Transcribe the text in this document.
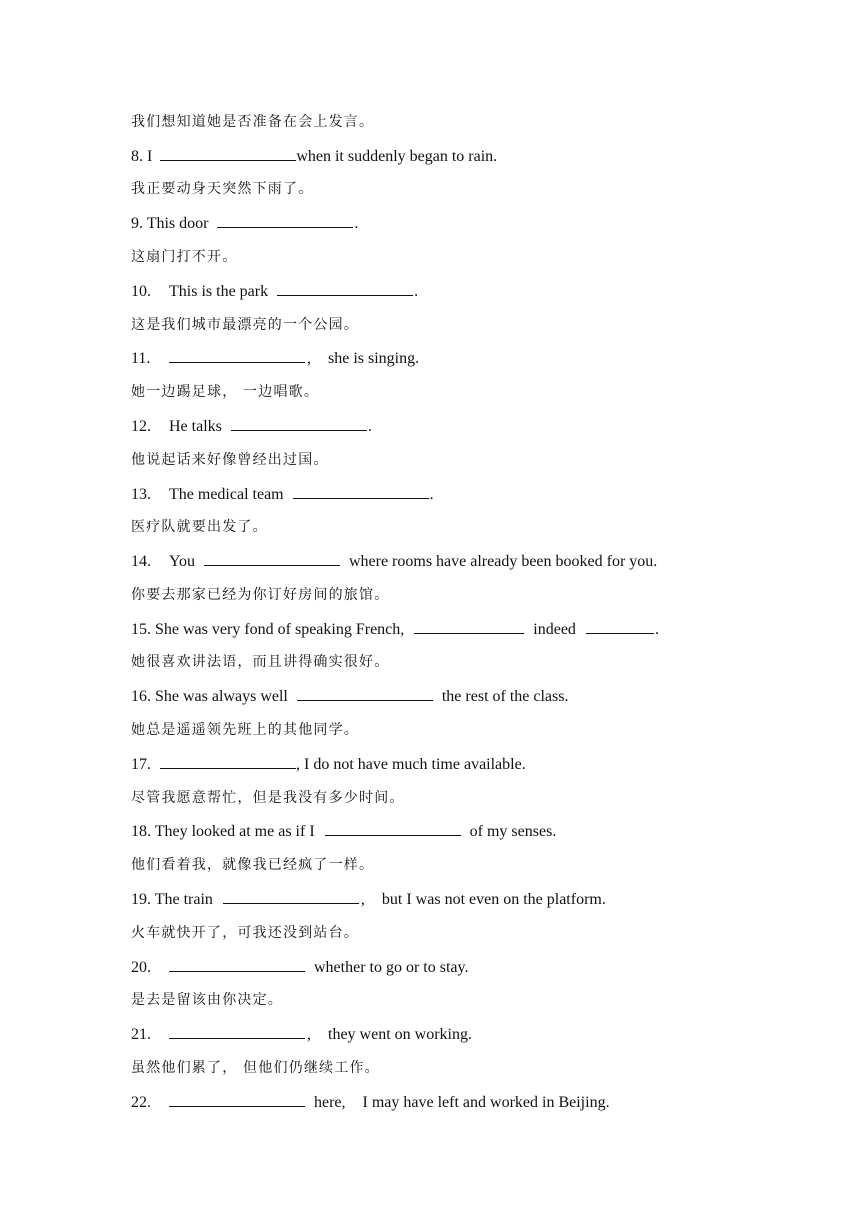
我们想知道她是否准备在会上发言。
8. I	when it suddenly began to rain.
我正要动身天突然下雨了。
9. This door	.
这扇门打不开。
10. This is the park	.
这是我们城市最漂亮的一个公园。
11.	, she is singing.
她一边踢足球， 一边唱歌。
12. He talks	.
他说起话来好像曾经出过国。
13. The medical team	.
医疗队就要出发了。
14. You	where rooms have already been booked for you.
你要去那家已经为你订好房间的旅馆。
15. She was very fond of speaking French,	indeed	.
她很喜欢讲法语，而且讲得确实很好。
16. She was always well	the rest of the class.
她总是遥遥领先班上的其他同学。
17.	, I do not have much time available.
尽管我愿意帮忙，但是我没有多少时间。
18. They looked at me as if I	of my senses.
他们看着我，就像我已经疯了一样。
19. The train	, but I was not even on the platform.
火车就快开了，可我还没到站台。
20.	whether to go or to stay.
是去是留该由你决定。
21.	, they went on working.
虽然他们累了， 但他们仍继续工作。
22.	here, I may have left and worked in Beijing.
